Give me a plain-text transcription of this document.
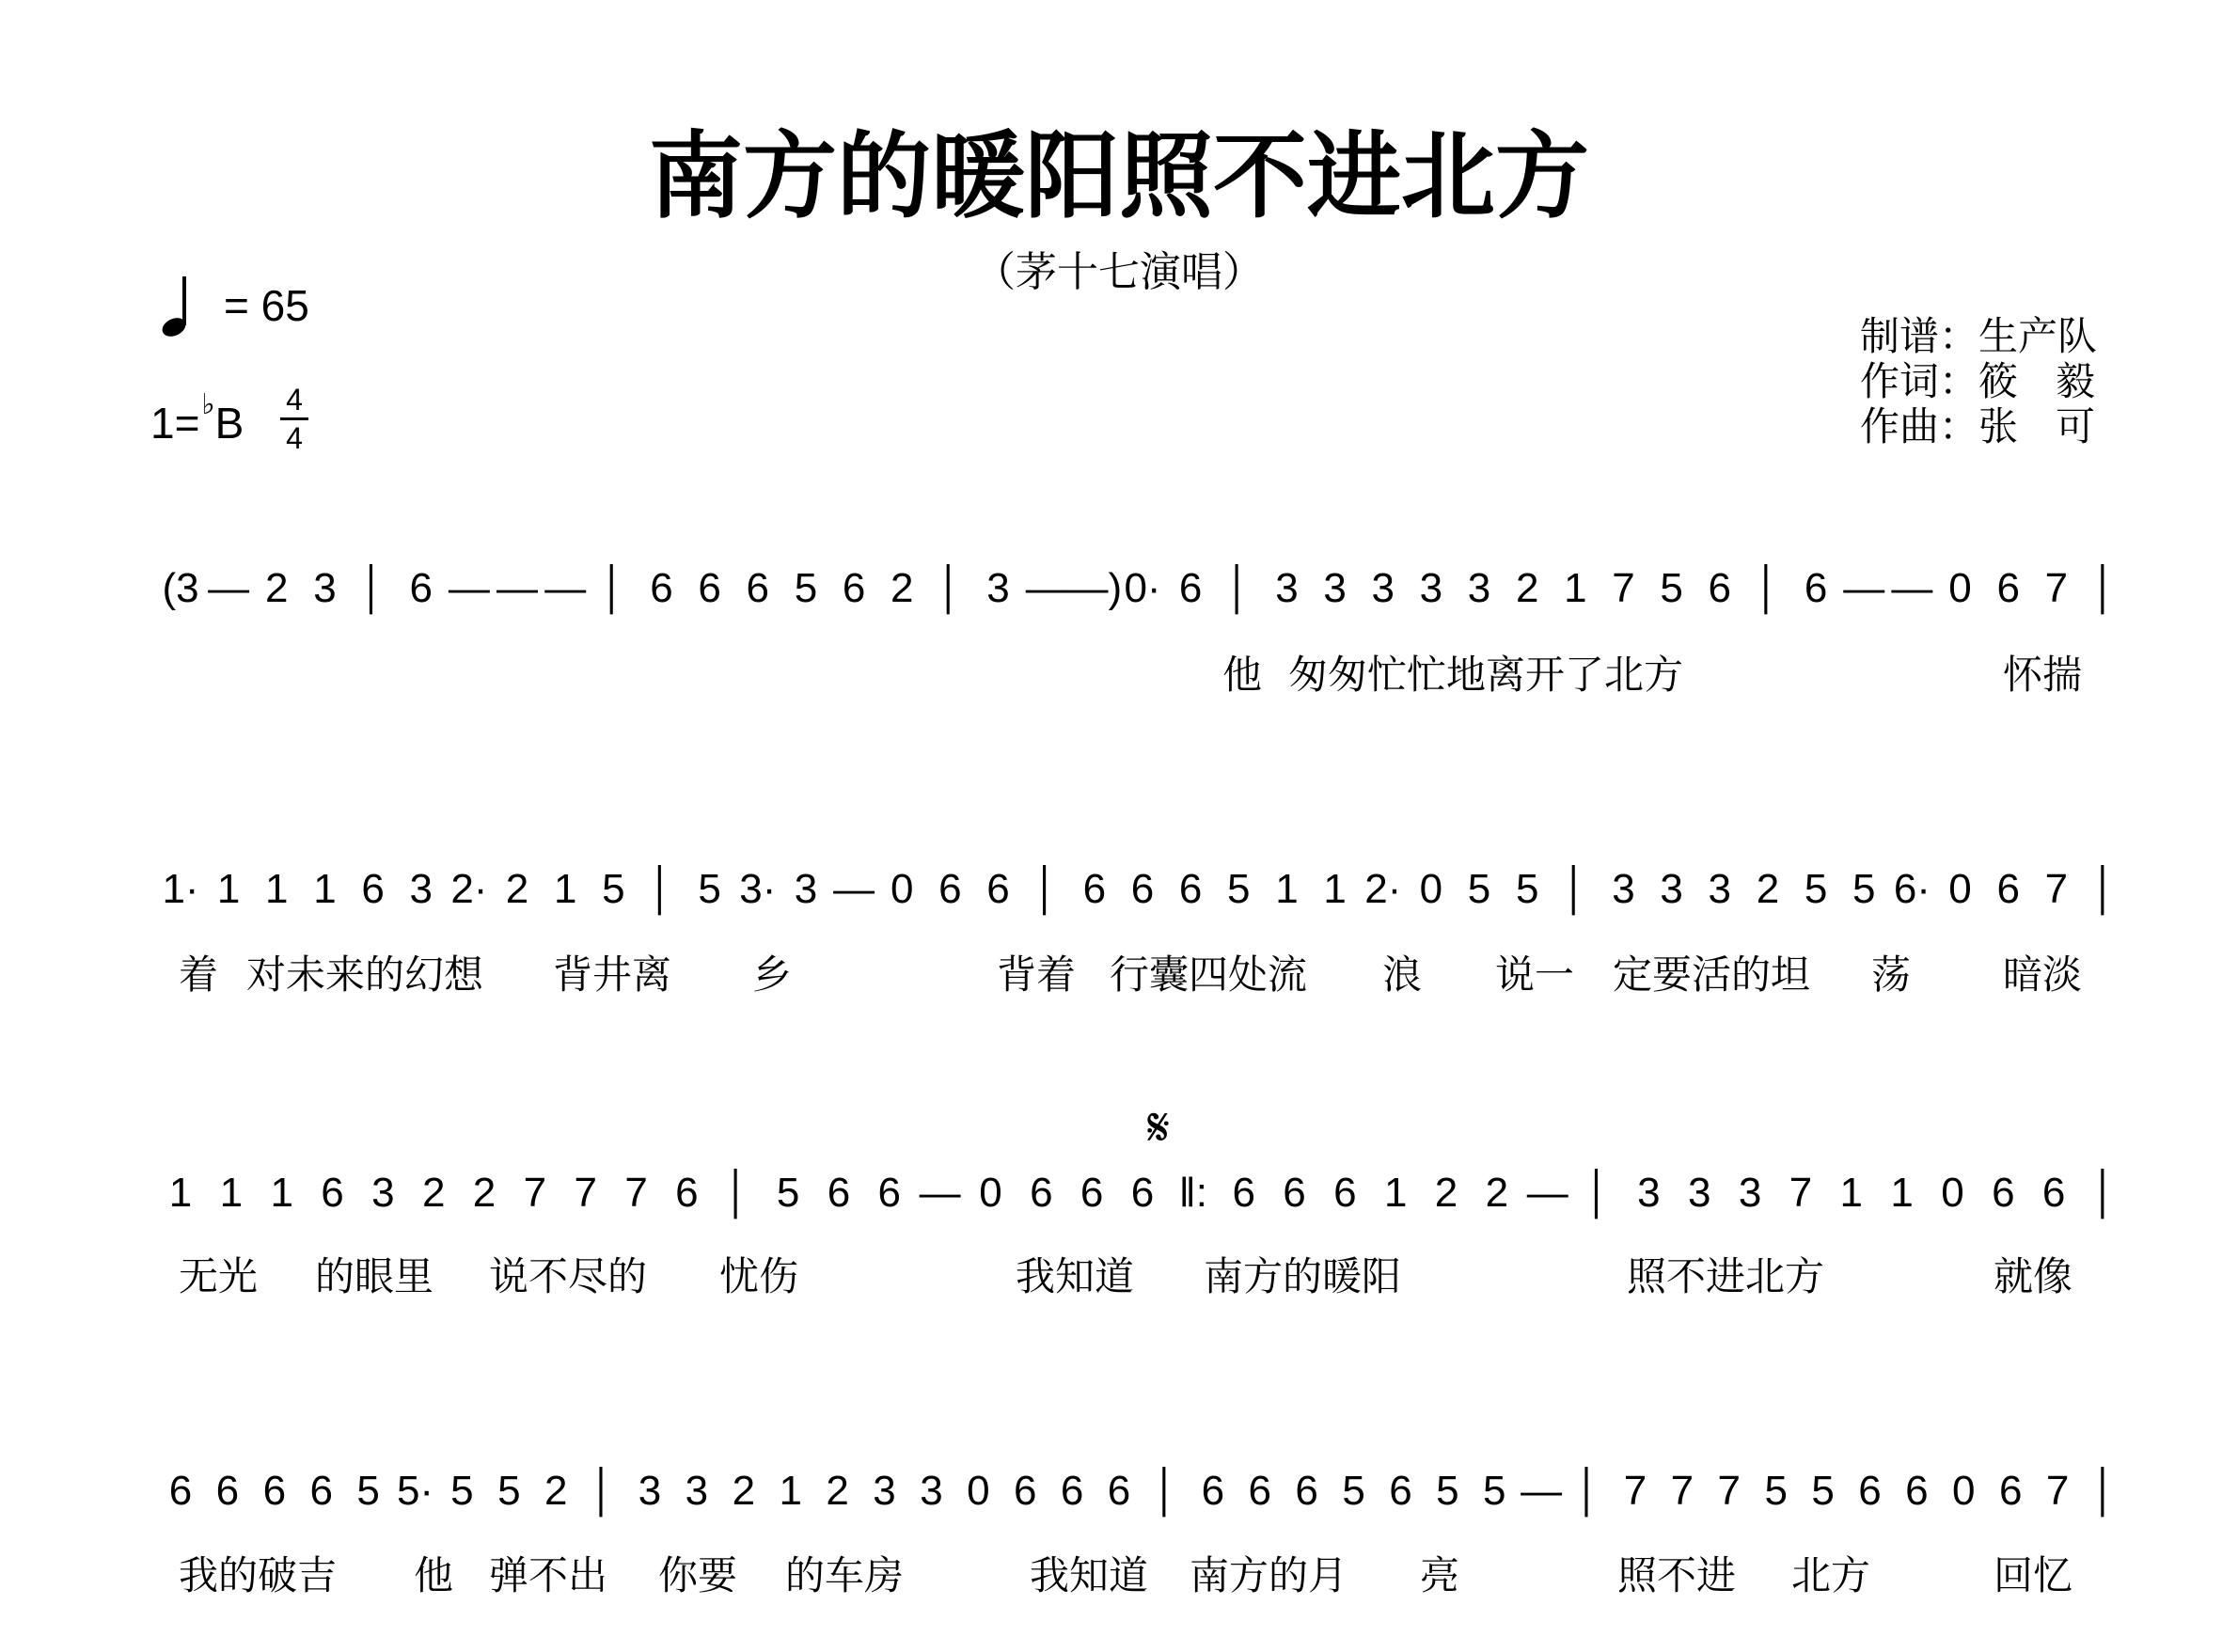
南方的暖阳照不进北方
（茅十七演唱）
= 65
1=♭B 4
4
制谱：生产队
作词：筱   毅
作曲：张   可
(3 — 2 3 │ 6 — — — │ 6 6 6 5 6 2 │ 3 — —) 0· 6 │ 3 3 3 3 3 2 1 7 5 6 │ 6 — — 0 6 7 │
他 匆匆忙忙地离开了北方	怀揣
1· 1 1 1 6 3 2· 2 1 5 │ 5 3· 3 — 0 6 6 │ 6 6 6 5 1 1 2· 0 5 5 │ 3 3 3 2 5 5 6· 0 6 7 │
着 对未来的幻想 背井离 乡	背着 行囊四处流 浪 说一 定要活的坦 荡 暗淡
1 1 1 6 3 2 2 7 7 7 6 │ 5 6 6 — 0 6 6 6 ‖: 6 6 6 1 2 2 — │ 3 3 3 7 1 1 0 6 6 │
无光 的眼里 说不尽的 忧伤	我知道 南方的暖阳	照不进北方	就像
6 6 6 6 5 5· 5 5 2 │ 3 3 2 1 2 3 3 0 6 6 6 │ 6 6 6 5 6 5 5 — │ 7 7 7 5 5 6 6 0 6 7 │
我的破吉 他 弹不出 你要 的车房	我知道 南方的月 亮	照不进 北方	回忆
𝄋
